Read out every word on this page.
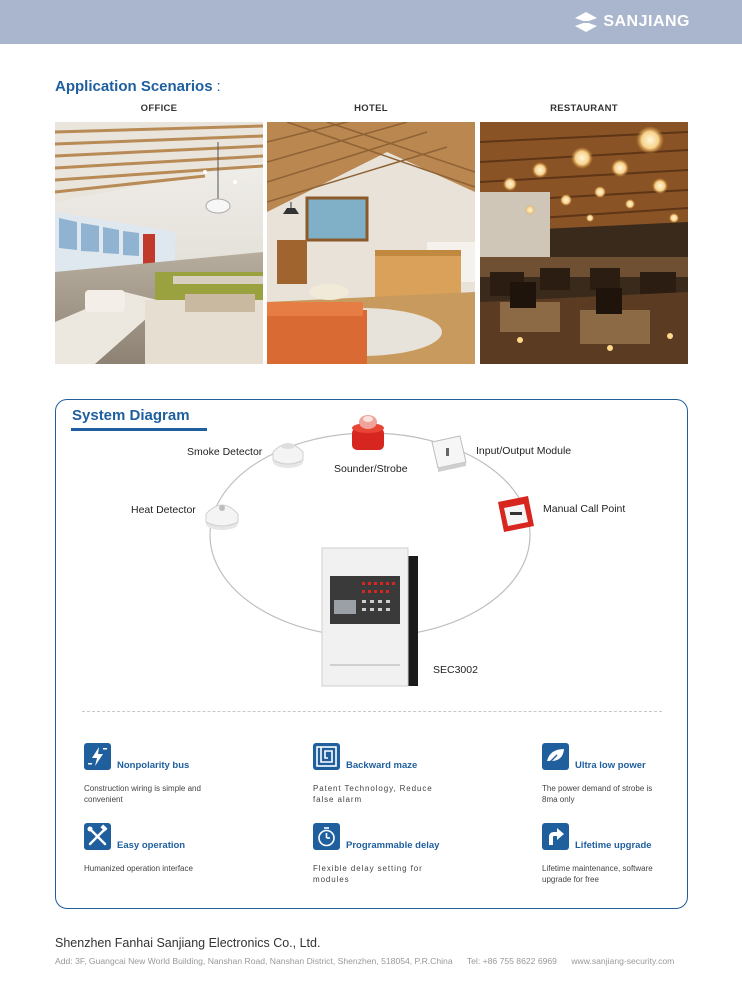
SANJIANG
Application Scenarios :
OFFICE	HOTEL	RESTAURANT
System Diagram
Smoke Detector
Sounder/Strobe
Input/Output Module
Heat Detector	Manual Call Point
SEC3002
Nonpolarity bus
Construction wiring is simple and convenient
Backward maze
Patent Technology, Reduce false alarm
Ultra low power
The power demand of strobe is 8ma only
Easy operation
Humanized operation interface
Programmable delay
Flexible delay setting for modules
Lifetime upgrade
Lifetime maintenance, software upgrade for free
Shenzhen Fanhai Sanjiang Electronics Co., Ltd.
Add: 3F, Guangcai New World Building, Nanshan Road, Nanshan District, Shenzhen, 518054, P.R.China Tel: +86 755 8622 6969 www.sanjiang-security.com
